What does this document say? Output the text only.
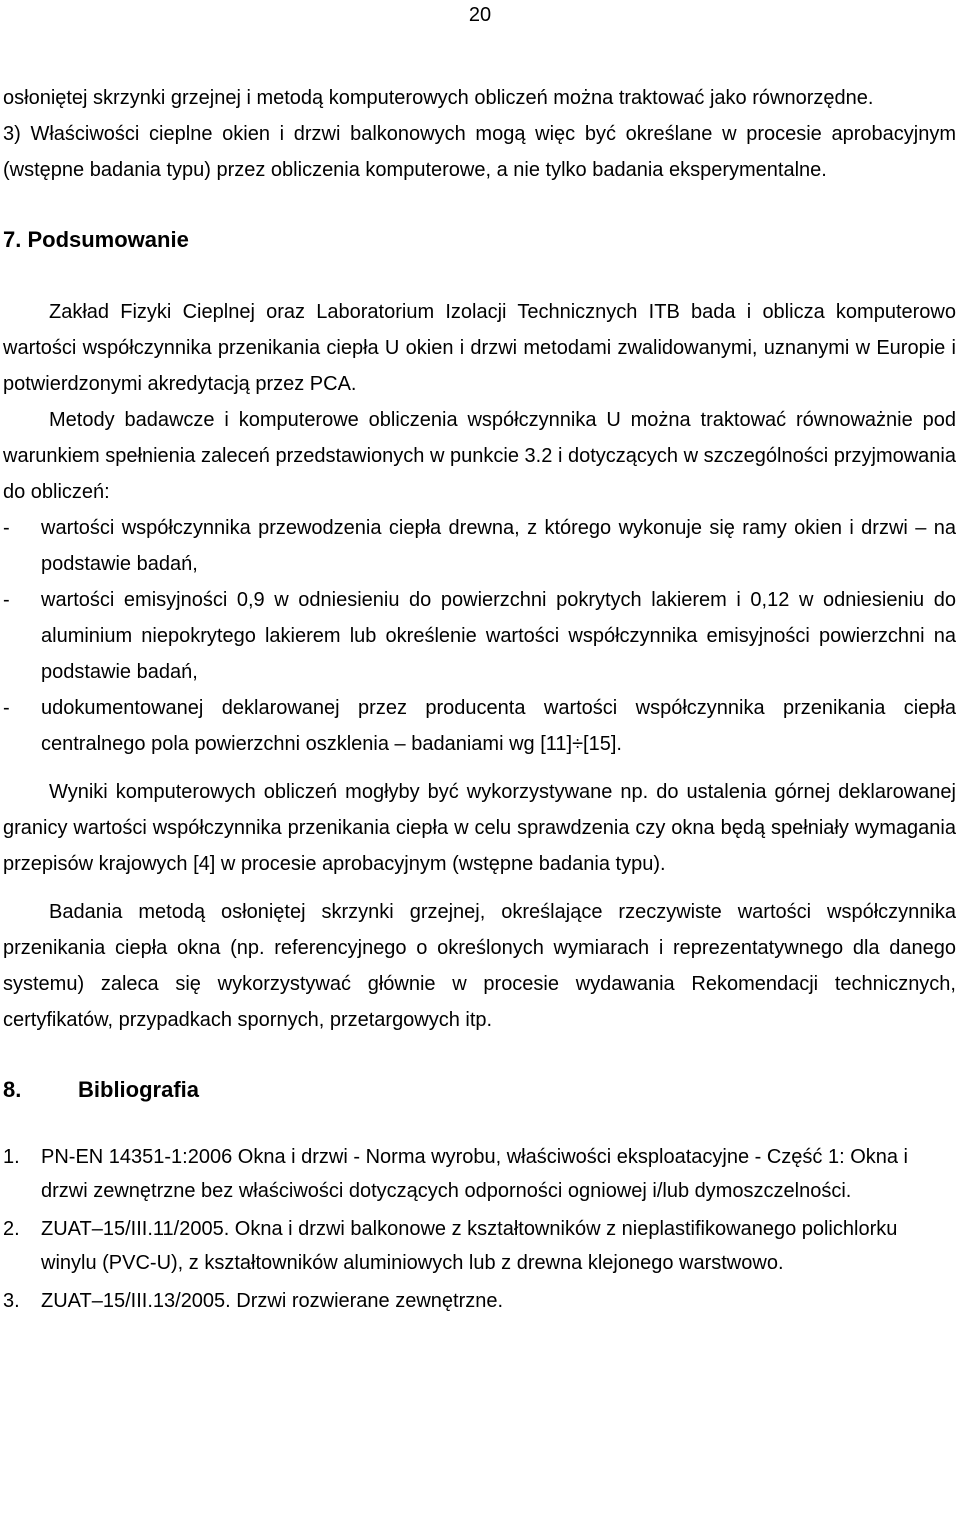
20

osłoniętej skrzynki grzejnej i metodą komputerowych obliczeń można traktować jako równorzędne.

3) Właściwości cieplne okien i drzwi balkonowych mogą więc być określane w procesie aprobacyjnym (wstępne badania typu) przez obliczenia komputerowe, a nie tylko badania eksperymentalne.

7. Podsumowanie

Zakład Fizyki Cieplnej oraz Laboratorium Izolacji Technicznych ITB bada i oblicza komputerowo wartości współczynnika przenikania ciepła U okien i drzwi metodami zwalidowanymi, uznanymi w Europie i potwierdzonymi akredytacją przez PCA.

Metody badawcze i komputerowe obliczenia współczynnika U można traktować równoważnie pod warunkiem spełnienia zaleceń przedstawionych w punkcie 3.2 i dotyczących w szczególności przyjmowania do obliczeń:

- wartości współczynnika przewodzenia ciepła drewna, z którego wykonuje się ramy okien i drzwi – na podstawie badań,
- wartości emisyjności 0,9 w odniesieniu do powierzchni pokrytych lakierem i 0,12 w odniesieniu do aluminium niepokrytego lakierem lub określenie wartości współczynnika emisyjności powierzchni na podstawie badań,
- udokumentowanej deklarowanej przez producenta wartości współczynnika przenikania ciepła centralnego pola powierzchni oszklenia – badaniami wg [11]÷[15].

Wyniki komputerowych obliczeń mogłyby być wykorzystywane np. do ustalenia górnej deklarowanej granicy wartości współczynnika przenikania ciepła w celu sprawdzenia czy okna będą spełniały wymagania przepisów krajowych [4] w procesie aprobacyjnym (wstępne badania typu).

Badania metodą osłoniętej skrzynki grzejnej, określające rzeczywiste wartości współczynnika przenikania ciepła okna (np. referencyjnego o określonych wymiarach i reprezentatywnego dla danego systemu) zaleca się wykorzystywać głównie w procesie wydawania Rekomendacji technicznych, certyfikatów, przypadkach spornych, przetargowych itp.

8.	Bibliografia
1. PN-EN 14351-1:2006 Okna i drzwi - Norma wyrobu, właściwości eksploatacyjne - Część 1: Okna i drzwi zewnętrzne bez właściwości dotyczących odporności ogniowej i/lub dymoszczelności.
2. ZUAT–15/III.11/2005. Okna i drzwi balkonowe z kształtowników z nieplastifikowanego polichlorku winylu (PVC-U), z kształtowników aluminiowych lub z drewna klejonego warstwowo.
3. ZUAT–15/III.13/2005. Drzwi rozwierane zewnętrzne.
